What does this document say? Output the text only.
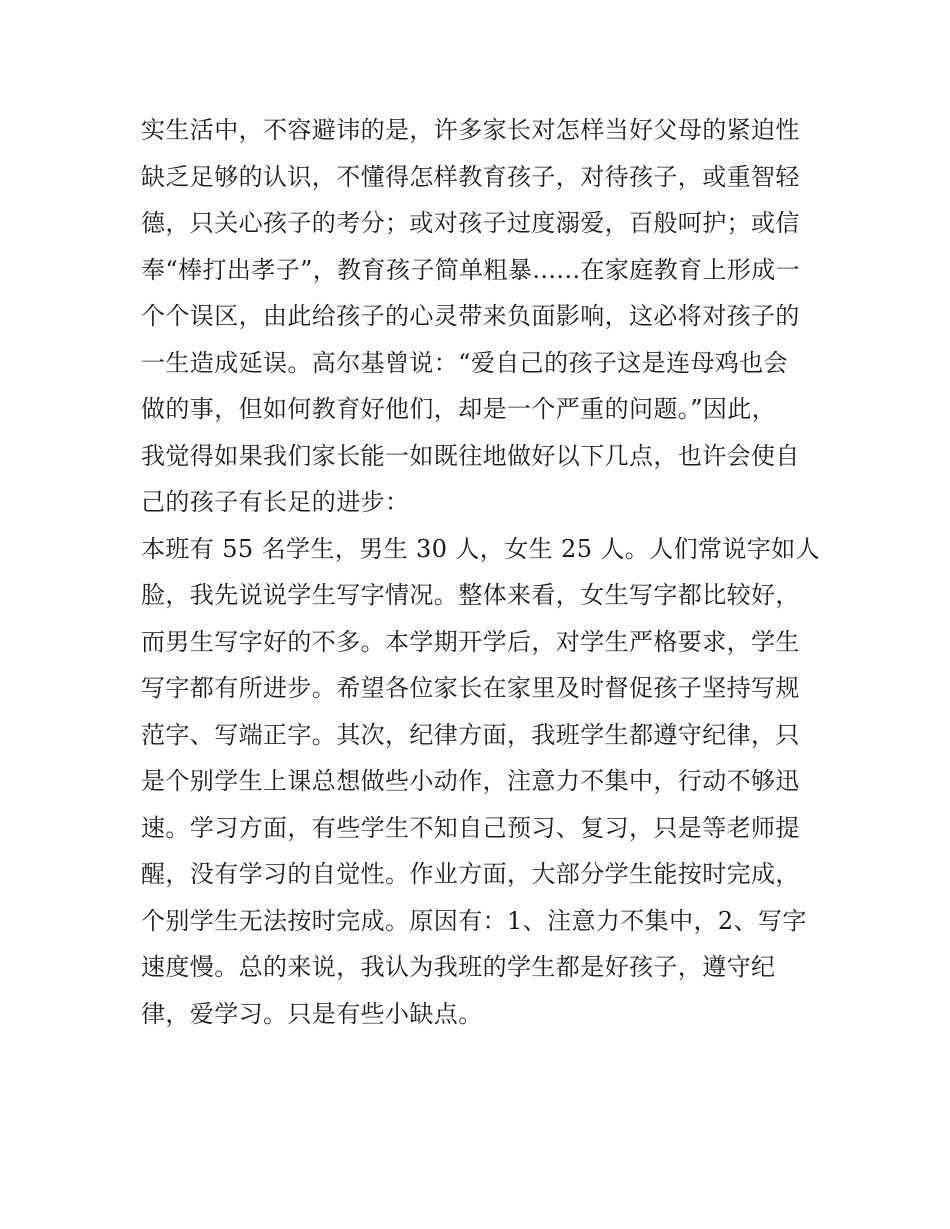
实生活中，不容避讳的是，许多家长对怎样当好父母的紧迫性
缺乏足够的认识，不懂得怎样教育孩子，对待孩子，或重智轻
德，只关心孩子的考分；或对孩子过度溺爱，百般呵护；或信
奉“棒打出孝子”，教育孩子简单粗暴......在家庭教育上形成一
个个误区，由此给孩子的心灵带来负面影响，这必将对孩子的
一生造成延误。高尔基曾说：“爱自己的孩子这是连母鸡也会
做的事，但如何教育好他们，却是一个严重的问题。”因此，
我觉得如果我们家长能一如既往地做好以下几点，也许会使自
己的孩子有长足的进步：
本班有 55 名学生，男生 30 人，女生 25 人。人们常说字如人
脸，我先说说学生写字情况。整体来看，女生写字都比较好，
而男生写字好的不多。本学期开学后，对学生严格要求，学生
写字都有所进步。希望各位家长在家里及时督促孩子坚持写规
范字、写端正字。其次，纪律方面，我班学生都遵守纪律，只
是个别学生上课总想做些小动作，注意力不集中，行动不够迅
速。学习方面，有些学生不知自己预习、复习，只是等老师提
醒，没有学习的自觉性。作业方面，大部分学生能按时完成，
个别学生无法按时完成。原因有：1、注意力不集中，2、写字
速度慢。总的来说，我认为我班的学生都是好孩子，遵守纪
律，爱学习。只是有些小缺点。
